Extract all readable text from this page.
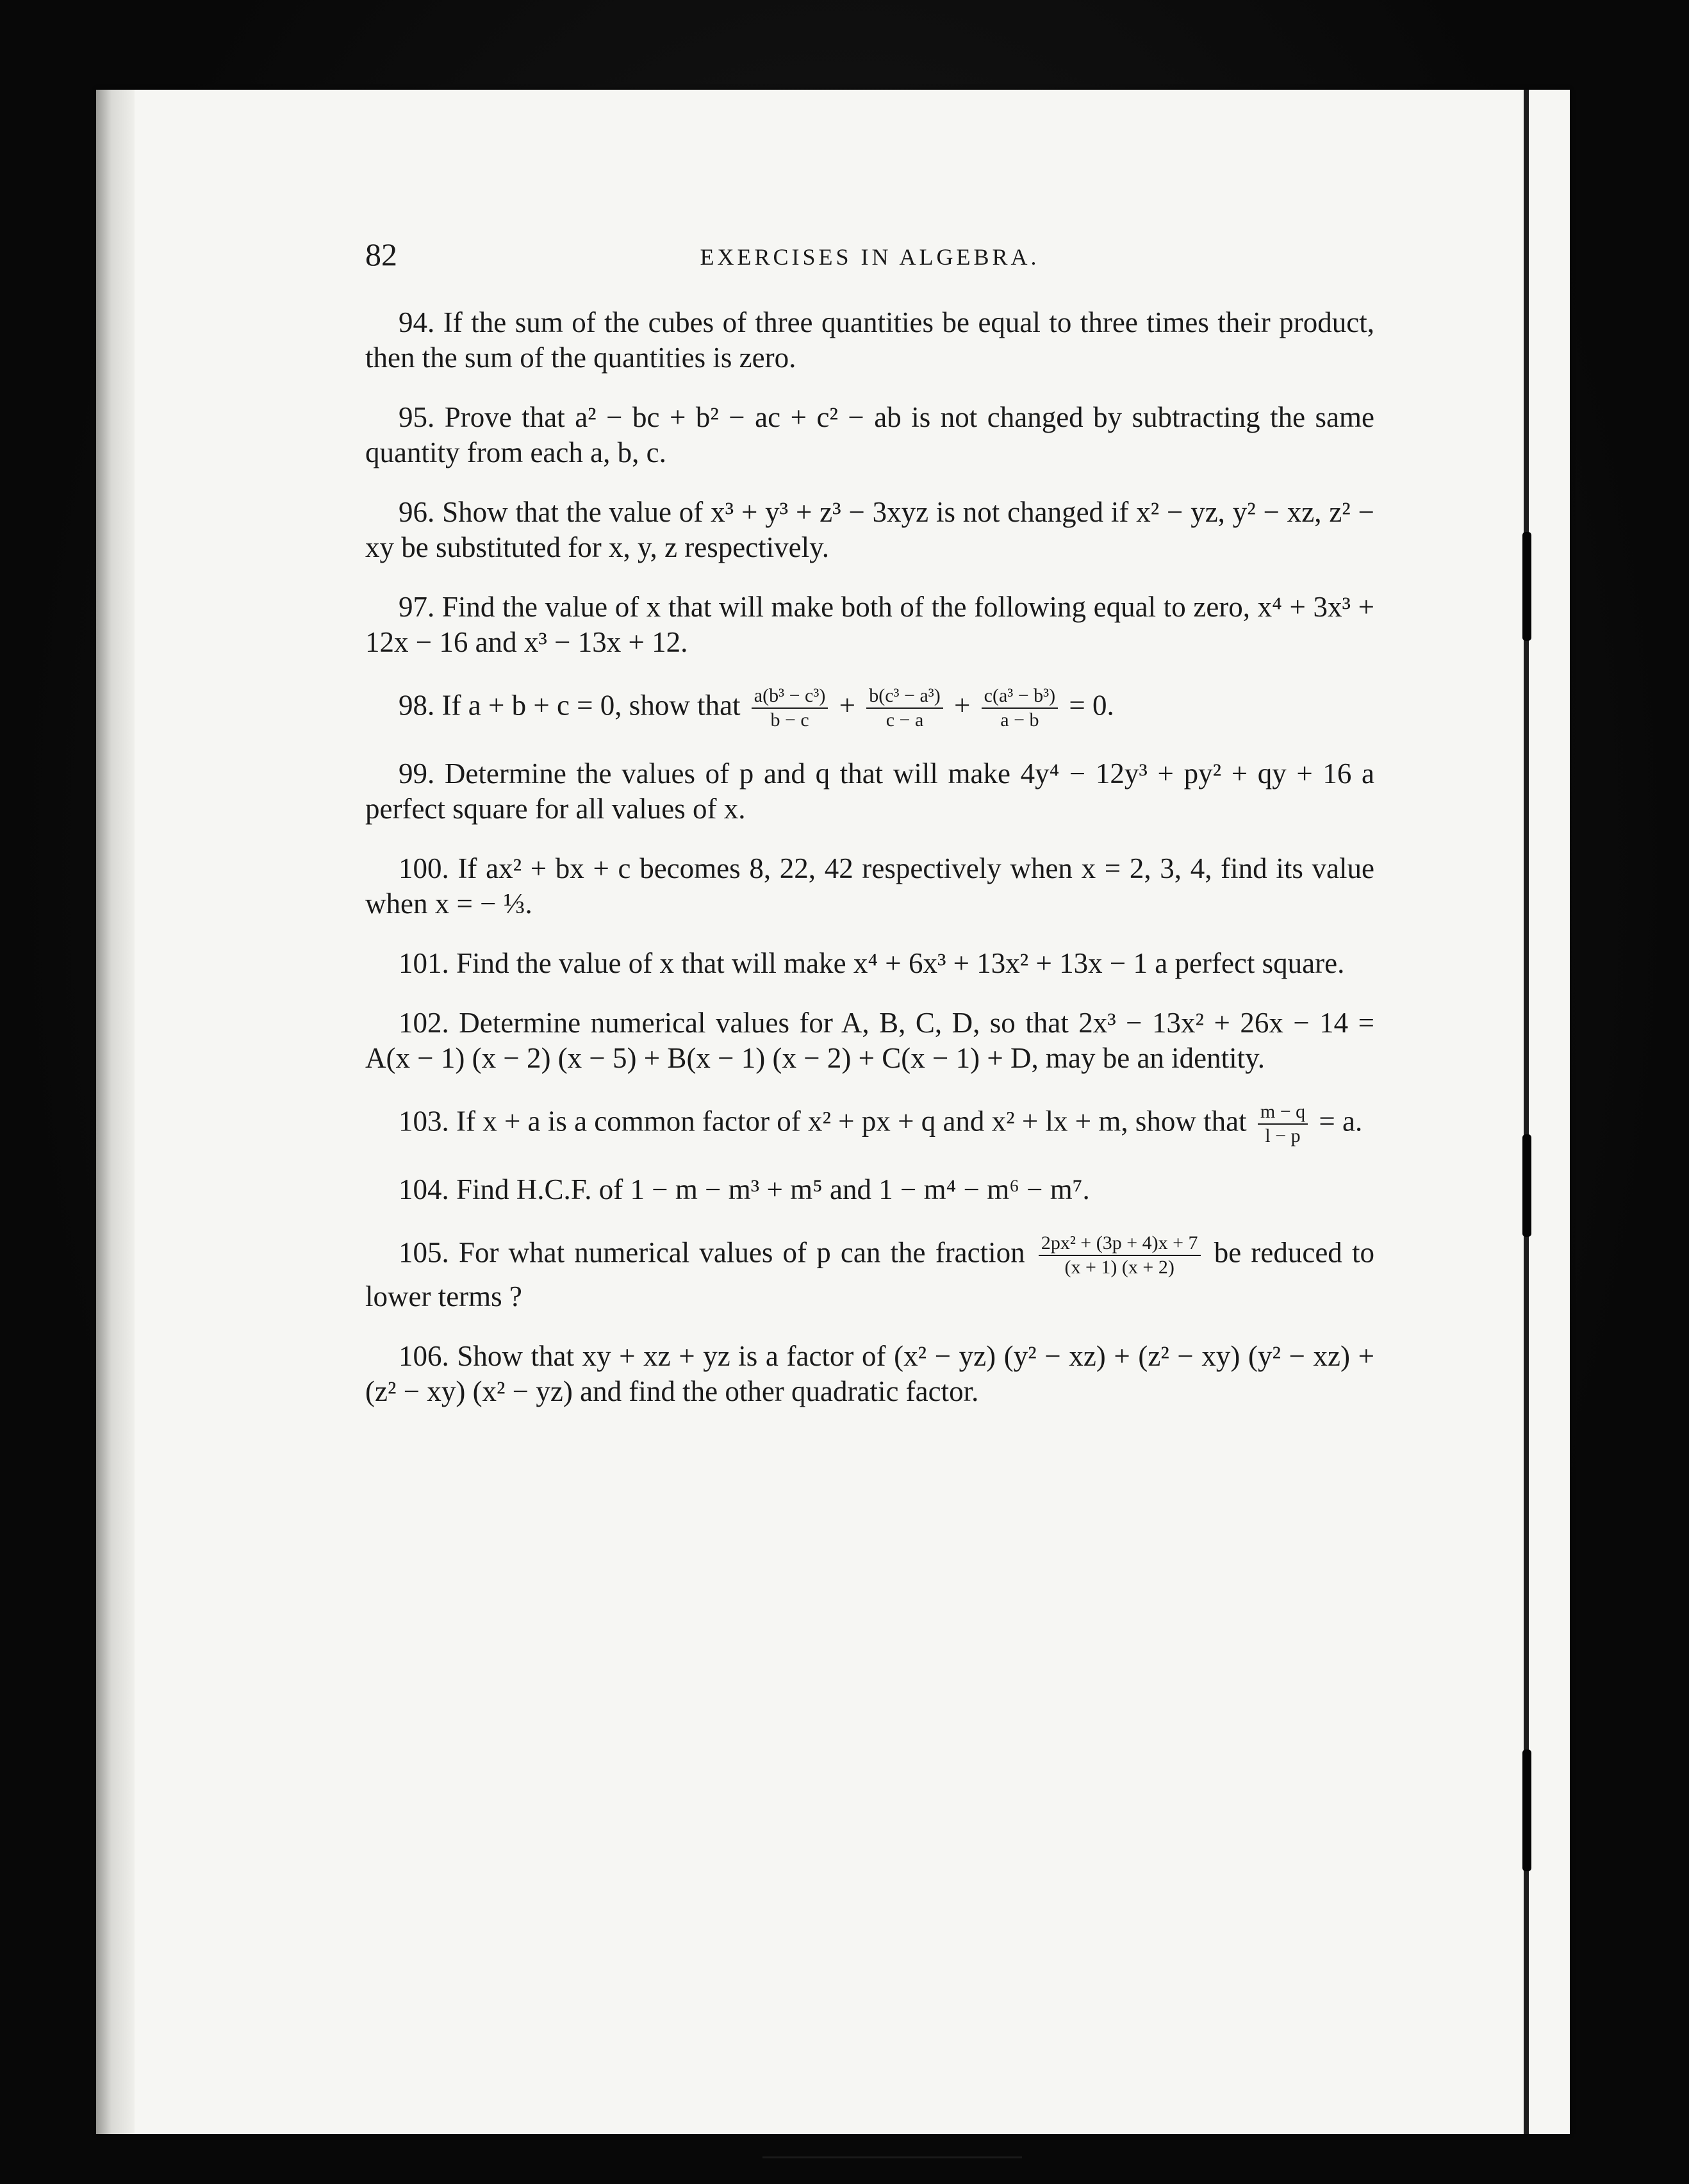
82	EXERCISES IN ALGEBRA.

94. If the sum of the cubes of three quantities be equal to three times their product, then the sum of the quantities is zero.

95. Prove that a² − bc + b² − ac + c² − ab is not changed by subtracting the same quantity from each a, b, c.

96. Show that the value of x³ + y³ + z³ − 3xyz is not changed if x² − yz, y² − xz, z² − xy be substituted for x, y, z respectively.

97. Find the value of x that will make both of the following equal to zero, x⁴ + 3x³ + 12x − 16 and x³ − 13x + 12.

98. If a + b + c = 0, show that $\frac{\text{a(b³ − c³)}}{b - c} + \frac{\text{b(c³ − a³)}}{c - a} + \frac{\text{c(a³ − b³)}}{a - b} = 0$.

99. Determine the values of p and q that will make 4y⁴ − 12y³ + py² + qy + 16 a perfect square for all values of x.

100. If ax² + bx + c becomes 8, 22, 42 respectively when x = 2, 3, 4, find its value when x = − ⅓.

101. Find the value of x that will make x⁴ + 6x³ + 13x² + 13x − 1 a perfect square.

102. Determine numerical values for A, B, C, D, so that 2x³ − 13x² + 26x − 14 = A(x − 1) (x − 2) (x − 5) + B(x − 1) (x − 2) + C(x − 1) + D, may be an identity.

103. If x + a is a common factor of x² + px + q and x² + lx + m, show that $\frac{m - q}{l - p} = a$.

104. Find H.C.F. of 1 − m − m³ + m⁵ and 1 − m⁴ − m⁶ − m⁷.

105. For what numerical values of p can the fraction $\frac{\text{2px² + (3p + 4)x + 7}}{(x + 1) (x + 2)}$ be reduced to lower terms ?

106. Show that xy + xz + yz is a factor of (x² − yz) (y² − xz) + (z² − xy) (y² − xz) + (z² − xy) (x² − yz) and find the other quadratic factor.
